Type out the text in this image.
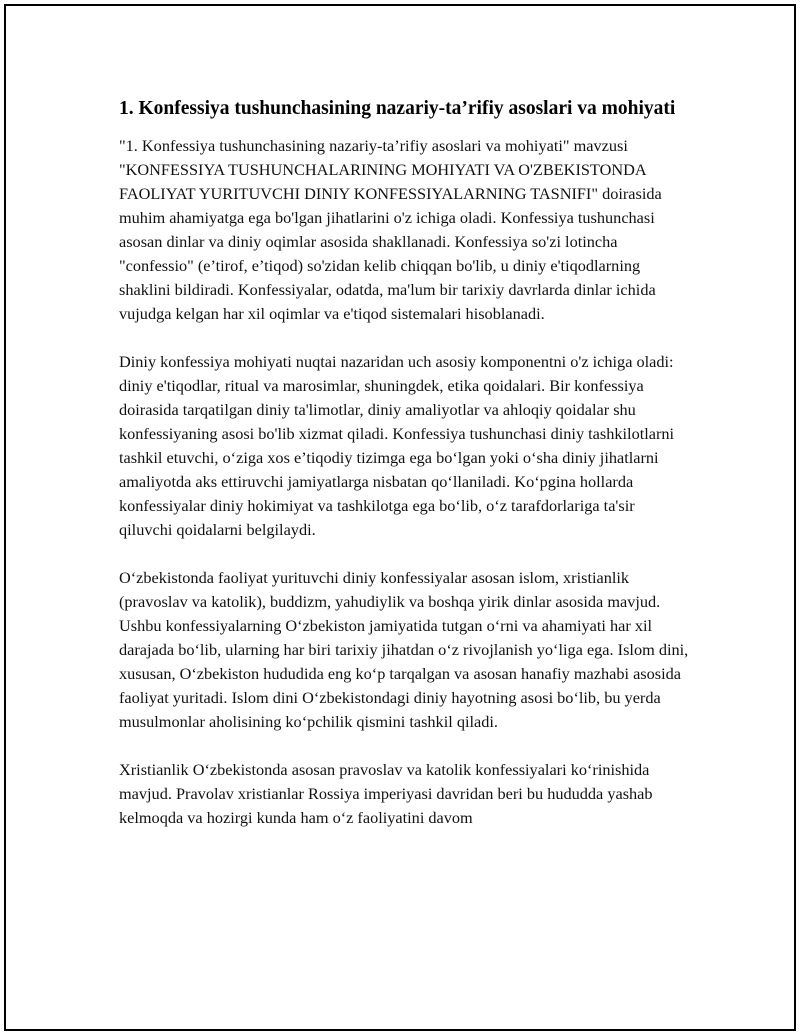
1. Konfessiya tushunchasining nazariy-ta’rifiy asoslari va mohiyati

"1. Konfessiya tushunchasining nazariy-ta’rifiy asoslari va mohiyati" mavzusi "KONFESSIYA TUSHUNCHALARINING MOHIYATI VA O'ZBEKISTONDA FAOLIYAT YURITUVCHI DINIY KONFESSIYALARNING TASNIFI" doirasida muhim ahamiyatga ega bo'lgan jihatlarini o'z ichiga oladi. Konfessiya tushunchasi asosan dinlar va diniy oqimlar asosida shakllanadi. Konfessiya so'zi lotincha "confessio" (e’tirof, e’tiqod) so'zidan kelib chiqqan bo'lib, u diniy e'tiqodlarning shaklini bildiradi. Konfessiyalar, odatda, ma'lum bir tarixiy davrlarda dinlar ichida vujudga kelgan har xil oqimlar va e'tiqod sistemalari hisoblanadi.

Diniy konfessiya mohiyati nuqtai nazaridan uch asosiy komponentni o'z ichiga oladi: diniy e'tiqodlar, ritual va marosimlar, shuningdek, etika qoidalari. Bir konfessiya doirasida tarqatilgan diniy ta'limotlar, diniy amaliyotlar va ahloqiy qoidalar shu konfessiyaning asosi bo'lib xizmat qiladi. Konfessiya tushunchasi diniy tashkilotlarni tashkil etuvchi, o‘ziga xos e’tiqodiy tizimga ega bo‘lgan yoki o‘sha diniy jihatlarni amaliyotda aks ettiruvchi jamiyatlarga nisbatan qo‘llaniladi. Ko‘pgina hollarda konfessiyalar diniy hokimiyat va tashkilotga ega bo‘lib, o‘z tarafdorlariga ta'sir qiluvchi qoidalarni belgilaydi.

O‘zbekistonda faoliyat yurituvchi diniy konfessiyalar asosan islom, xristianlik (pravoslav va katolik), buddizm, yahudiylik va boshqa yirik dinlar asosida mavjud. Ushbu konfessiyalarning O‘zbekiston jamiyatida tutgan o‘rni va ahamiyati har xil darajada bo‘lib, ularning har biri tarixiy jihatdan o‘z rivojlanish yo‘liga ega. Islom dini, xususan, O‘zbekiston hududida eng ko‘p tarqalgan va asosan hanafiy mazhabi asosida faoliyat yuritadi. Islom dini O‘zbekistondagi diniy hayotning asosi bo‘lib, bu yerda musulmonlar aholisining ko‘pchilik qismini tashkil qiladi.

Xristianlik O‘zbekistonda asosan pravoslav va katolik konfessiyalari ko‘rinishida mavjud. Pravolav xristianlar Rossiya imperiyasi davridan beri bu hududda yashab kelmoqda va hozirgi kunda ham o‘z faoliyatini davom
